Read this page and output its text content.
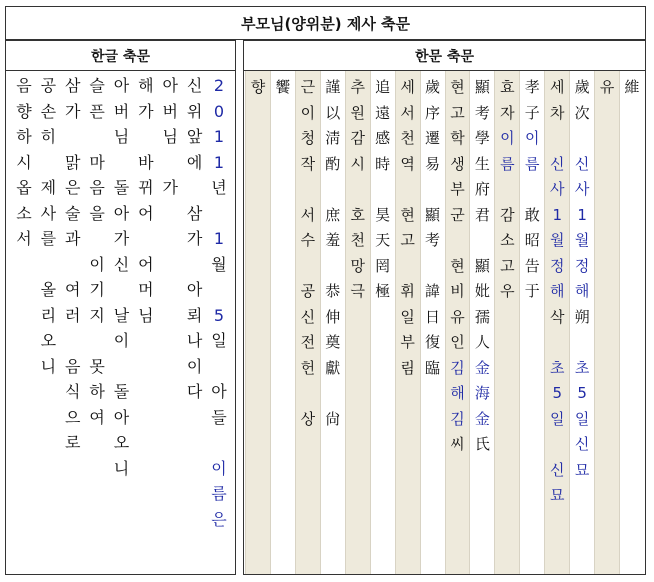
부모님(양위분) 제사 축문
한글 축문
2
0
1
1
년

1
월

5
일

아
들

이
름
은
신
위
앞
에

삼
가

아
뢰
나
이
다
아
버
님

가
해
가

바
뀌
어

어
머
님
아
버
님

돌
아
가
신

날
이

돌
아
오
니
슬
픈

마
음
을

이
기
지

못
하
여
삼
가

맑
은
술
과

여
러

음
식
으
로
공
손
히

제
사
를

올
리
오
니
음
향
하
시
옵
소
서
한문 축문
維
유
歲
次
신
사
1
월
정
해
朔
초
5
일
신
묘
세
차
신
사
1
월
정
해
삭
초
5
일
신
묘
孝
子
이
름
敢
昭
告
于
효
자
이
름
감
소
고
우
顯
考
學
生
府
君
顯
妣
孺
人
金
海
金
氏
현
고
학
생
부
군
현
비
유
인
김
해
김
씨
歲
序
遷
易
顯
考
諱
日
復
臨
세
서
천
역
현
고
휘
일
부
림
追
遠
感
時
昊
天
罔
極
추
원
감
시
호
천
망
극
謹
以
淸
酌
庶
羞
恭
伸
奠
獻
尙
근
이
청
작
서
수
공
신
전
헌
상
饗
향
